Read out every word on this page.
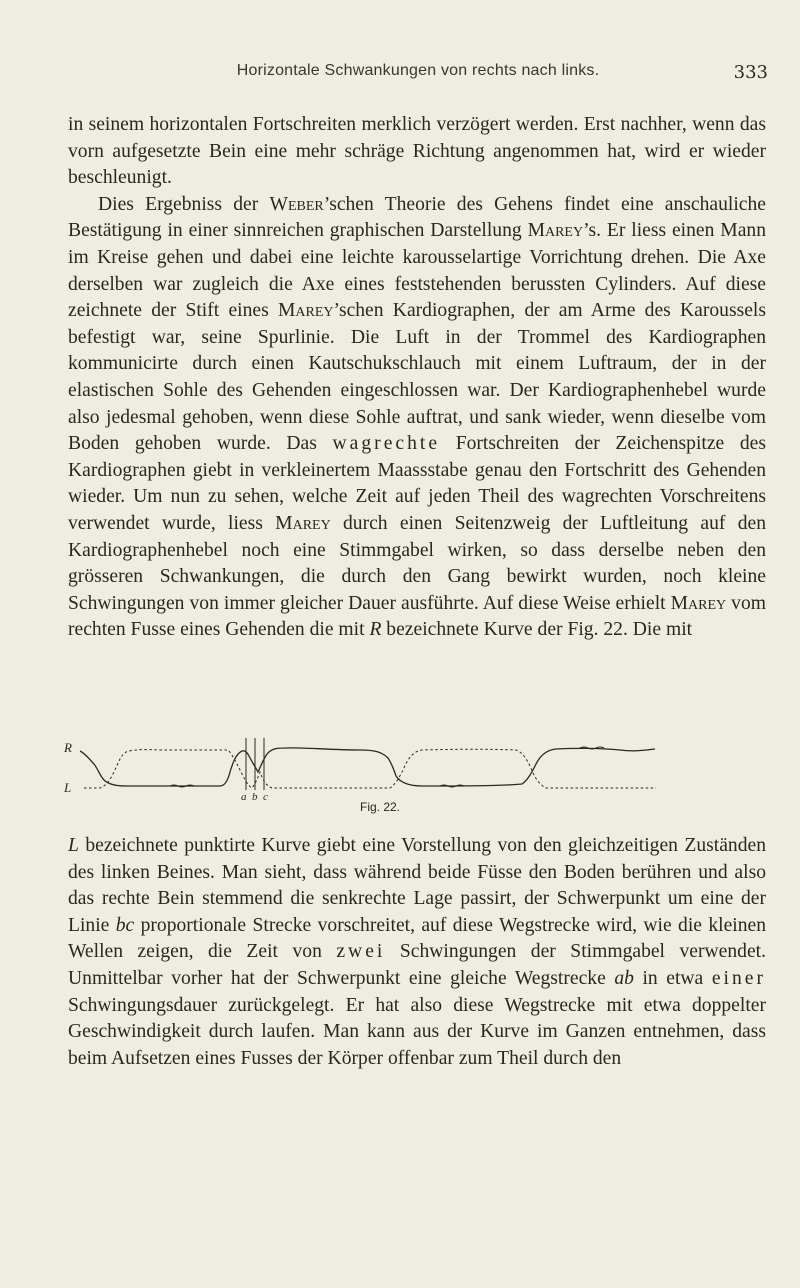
Horizontale Schwankungen von rechts nach links.	333

in seinem horizontalen Fortschreiten merklich verzögert werden. Erst nachher, wenn das vorn aufgesetzte Bein eine mehr schräge Richtung angenommen hat, wird er wieder beschleunigt.

Dies Ergebniss der Weber’schen Theorie des Gehens findet eine anschauliche Bestätigung in einer sinnreichen graphischen Darstellung Marey’s. Er liess einen Mann im Kreise gehen und dabei eine leichte karousselartige Vorrichtung drehen. Die Axe derselben war zugleich die Axe eines feststehenden berussten Cylinders. Auf diese zeichnete der Stift eines Marey’schen Kardiographen, der am Arme des Karoussels befestigt war, seine Spurlinie. Die Luft in der Trommel des Kardiographen kommunicirte durch einen Kautschukschlauch mit einem Luftraum, der in der elastischen Sohle des Gehenden eingeschlossen war. Der Kardiographenhebel wurde also jedesmal gehoben, wenn diese Sohle auftrat, und sank wieder, wenn dieselbe vom Boden gehoben wurde. Das wagrechte Fortschreiten der Zeichenspitze des Kardiographen giebt in verkleinertem Maassstabe genau den Fortschritt des Gehenden wieder. Um nun zu sehen, welche Zeit auf jeden Theil des wagrechten Vorschreitens verwendet wurde, liess Marey durch einen Seitenzweig der Luftleitung auf den Kardiographenhebel noch eine Stimmgabel wirken, so dass derselbe neben den grösseren Schwankungen, die durch den Gang bewirkt wurden, noch kleine Schwingungen von immer gleicher Dauer ausführte. Auf diese Weise erhielt Marey vom rechten Fusse eines Gehenden die mit R bezeichnete Kurve der Fig. 22. Die mit

R
L
a b c
Fig. 22.

L bezeichnete punktirte Kurve giebt eine Vorstellung von den gleichzeitigen Zuständen des linken Beines. Man sieht, dass während beide Füsse den Boden berühren und also das rechte Bein stemmend die senkrechte Lage passirt, der Schwerpunkt um eine der Linie bc proportionale Strecke vorschreitet, auf diese Wegstrecke wird, wie die kleinen Wellen zeigen, die Zeit von zwei Schwingungen der Stimmgabel verwendet. Unmittelbar vorher hat der Schwerpunkt eine gleiche Wegstrecke ab in etwa einer Schwingungsdauer zurückgelegt. Er hat also diese Wegstrecke mit etwa doppelter Geschwindigkeit durch laufen. Man kann aus der Kurve im Ganzen entnehmen, dass beim Aufsetzen eines Fusses der Körper offenbar zum Theil durch den
